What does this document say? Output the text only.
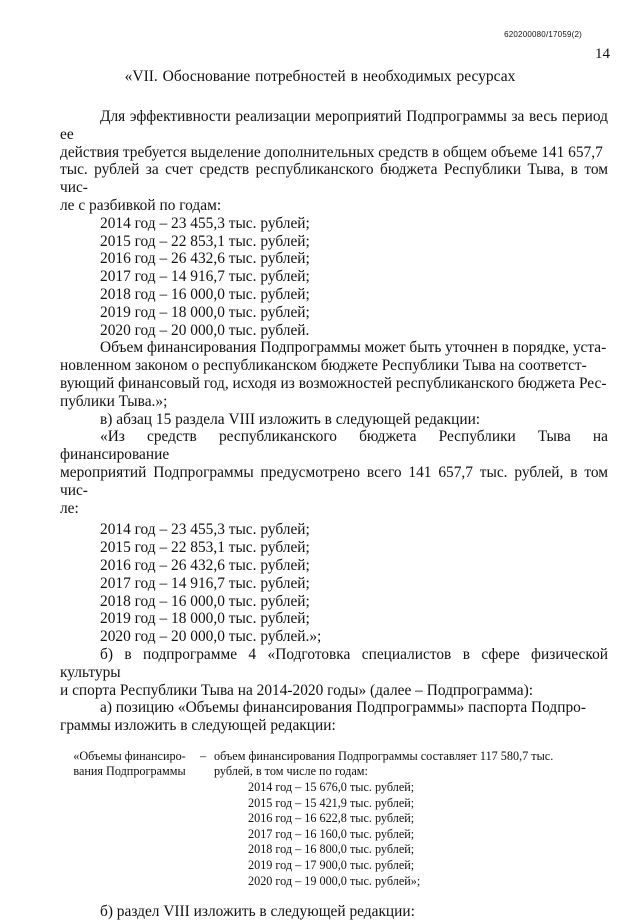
620200080/17059(2)
14
«VII. Обоснование потребностей в необходимых ресурсах

Для эффективности реализации мероприятий Подпрограммы за весь период ее

действия требуется выделение дополнительных средств в общем объеме 141 657,7

тыс. рублей за счет средств республиканского бюджета Республики Тыва, в том чис-

ле с разбивкой по годам:

2014 год – 23 455,3 тыс. рублей;

2015 год – 22 853,1 тыс. рублей;

2016 год – 26 432,6 тыс. рублей;

2017 год – 14 916,7 тыс. рублей;

2018 год – 16 000,0 тыс. рублей;

2019 год – 18 000,0 тыс. рублей;

2020 год – 20 000,0 тыс. рублей.

Объем финансирования Подпрограммы может быть уточнен в порядке, уста-

новленном законом о республиканском бюджете Республики Тыва на соответст-

вующий финансовый год, исходя из возможностей республиканского бюджета Рес-

публики Тыва.»;

в) абзац 15 раздела VIII изложить в следующей редакции:

«Из средств республиканского бюджета Республики Тыва на финансирование

мероприятий Подпрограммы предусмотрено всего 141 657,7 тыс. рублей, в том чис-

ле:

2014 год – 23 455,3 тыс. рублей;

2015 год – 22 853,1 тыс. рублей;

2016 год – 26 432,6 тыс. рублей;

2017 год – 14 916,7 тыс. рублей;

2018 год – 16 000,0 тыс. рублей;

2019 год – 18 000,0 тыс. рублей;

2020 год – 20 000,0 тыс. рублей.»;

б) в подпрограмме 4 «Подготовка специалистов в сфере физической культуры

и спорта Республики Тыва на 2014-2020 годы» (далее – Подпрограмма):

а) позицию «Объемы финансирования Подпрограммы» паспорта Подпро-

граммы изложить в следующей редакции:

«Объемы финансиро-
вания Подпрограммы
– объем финансирования Подпрограммы составляет 117 580,7 тыс.
рублей, в том числе по годам:
2014 год – 15 676,0 тыс. рублей;
2015 год – 15 421,9 тыс. рублей;
2016 год – 16 622,8 тыс. рублей;
2017 год – 16 160,0 тыс. рублей;
2018 год – 16 800,0 тыс. рублей;
2019 год – 17 900,0 тыс. рублей;
2020 год – 19 000,0 тыс. рублей»;

б) раздел VIII изложить в следующей редакции:
